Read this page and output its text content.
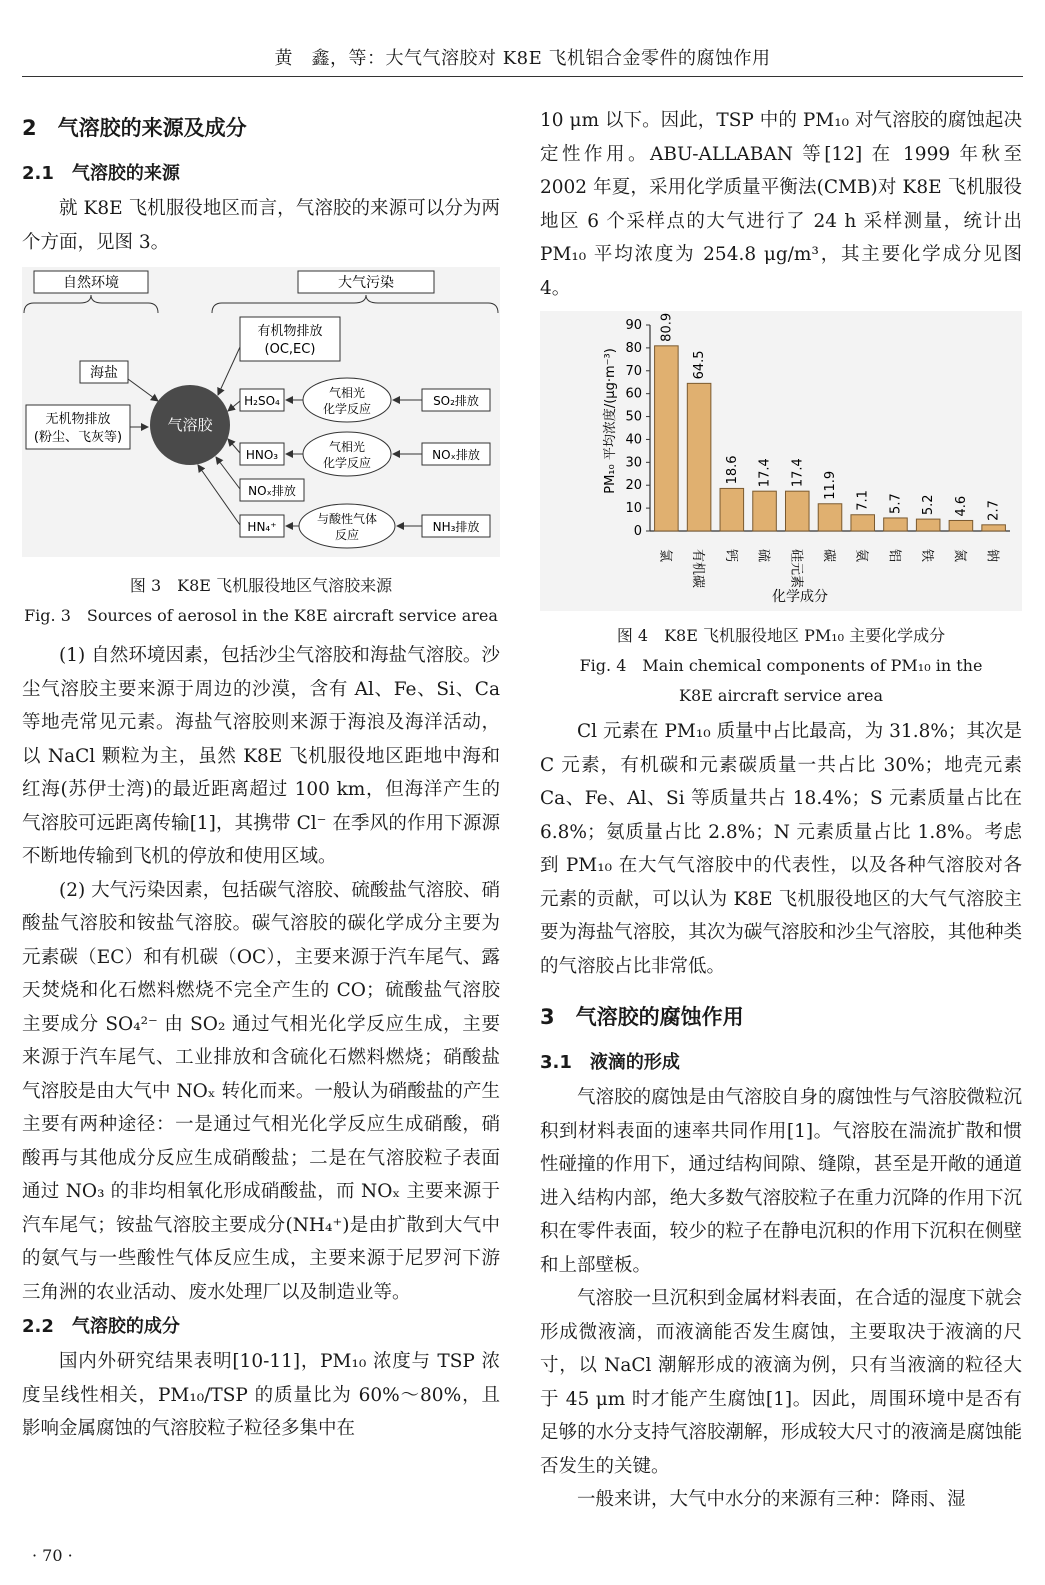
黄　鑫，等：大气气溶胶对 K8E 飞机铝合金零件的腐蚀作用
2　气溶胶的来源及成分
2.1　气溶胶的来源

就 K8E 飞机服役地区而言，气溶胶的来源可以分为两个方面，见图 3。

自然环境	大气污染
气溶胶
海盐
无机物排放
(粉尘、飞灰等)
有机物排放
(OC,EC)
H₂SO₄
气相光
化学反应
SO₂排放
HNO₃
气相光
化学反应
NOₓ排放
NOₓ排放
HN₄⁺
与酸性气体
反应
NH₃排放
图 3　K8E 飞机服役地区气溶胶来源
Fig. 3　Sources of aerosol in the K8E aircraft service area

(1) 自然环境因素，包括沙尘气溶胶和海盐气溶胶。沙尘气溶胶主要来源于周边的沙漠，含有 Al、Fe、Si、Ca 等地壳常见元素。海盐气溶胶则来源于海浪及海洋活动，以 NaCl 颗粒为主，虽然 K8E 飞机服役地区距地中海和红海(苏伊士湾)的最近距离超过 100 km，但海洋产生的气溶胶可远距离传输[1]，其携带 Cl⁻ 在季风的作用下源源不断地传输到飞机的停放和使用区域。

(2) 大气污染因素，包括碳气溶胶、硫酸盐气溶胶、硝酸盐气溶胶和铵盐气溶胶。碳气溶胶的碳化学成分主要为元素碳（EC）和有机碳（OC），主要来源于汽车尾气、露天焚烧和化石燃料燃烧不完全产生的 CO；硫酸盐气溶胶主要成分 SO₄²⁻ 由 SO₂ 通过气相光化学反应生成，主要来源于汽车尾气、工业排放和含硫化石燃料燃烧；硝酸盐气溶胶是由大气中 NOₓ 转化而来。一般认为硝酸盐的产生主要有两种途径：一是通过气相光化学反应生成硝酸，硝酸再与其他成分反应生成硝酸盐；二是在气溶胶粒子表面通过 NO₃ 的非均相氧化形成硝酸盐，而 NOₓ 主要来源于汽车尾气；铵盐气溶胶主要成分(NH₄⁺)是由扩散到大气中的氨气与一些酸性气体反应生成，主要来源于尼罗河下游三角洲的农业活动、废水处理厂以及制造业等。

2.2　气溶胶的成分

国内外研究结果表明[10-11]，PM₁₀ 浓度与 TSP 浓度呈线性相关，PM₁₀/TSP 的质量比为 60%～80%，且影响金属腐蚀的气溶胶粒子粒径多集中在

10 μm 以下。因此，TSP 中的 PM₁₀ 对气溶胶的腐蚀起决定性作用。ABU-ALLABAN 等[12] 在 1999 年秋至 2002 年夏，采用化学质量平衡法(CMB)对 K8E 飞机服役地区 6 个采样点的大气进行了 24 h 采样测量，统计出 PM₁₀ 平均浓度为 254.8 μg/m³，其主要化学成分见图 4。

PM₁₀ 平均浓度/(μg·m⁻³)
化学成分
0
10
20
30
40
50
60
70
80
90 80.9
氯
64.5
有机碳
18.6
钙
17.4
硫
17.4
硅元素
11.9
碳
7.1
氨
5.7
铝
5.2
铁
4.6
氮
2.7
钠
图 4　K8E 飞机服役地区 PM₁₀ 主要化学成分
Fig. 4　Main chemical components of PM₁₀ in the
K8E aircraft service area

Cl 元素在 PM₁₀ 质量中占比最高，为 31.8%；其次是 C 元素，有机碳和元素碳质量一共占比 30%；地壳元素 Ca、Fe、Al、Si 等质量共占 18.4%；S 元素质量占比在 6.8%；氨质量占比 2.8%；N 元素质量占比 1.8%。考虑到 PM₁₀ 在大气气溶胶中的代表性，以及各种气溶胶对各元素的贡献，可以认为 K8E 飞机服役地区的大气气溶胶主要为海盐气溶胶，其次为碳气溶胶和沙尘气溶胶，其他种类的气溶胶占比非常低。

3　气溶胶的腐蚀作用
3.1　液滴的形成

气溶胶的腐蚀是由气溶胶自身的腐蚀性与气溶胶微粒沉积到材料表面的速率共同作用[1]。气溶胶在湍流扩散和惯性碰撞的作用下，通过结构间隙、缝隙，甚至是开敞的通道进入结构内部，绝大多数气溶胶粒子在重力沉降的作用下沉积在零件表面，较少的粒子在静电沉积的作用下沉积在侧壁和上部壁板。

气溶胶一旦沉积到金属材料表面，在合适的湿度下就会形成微液滴，而液滴能否发生腐蚀，主要取决于液滴的尺寸，以 NaCl 潮解形成的液滴为例，只有当液滴的粒径大于 45 μm 时才能产生腐蚀[1]。因此，周围环境中是否有足够的水分支持气溶胶潮解，形成较大尺寸的液滴是腐蚀能否发生的关键。

一般来讲，大气中水分的来源有三种：降雨、湿

· 70 ·
